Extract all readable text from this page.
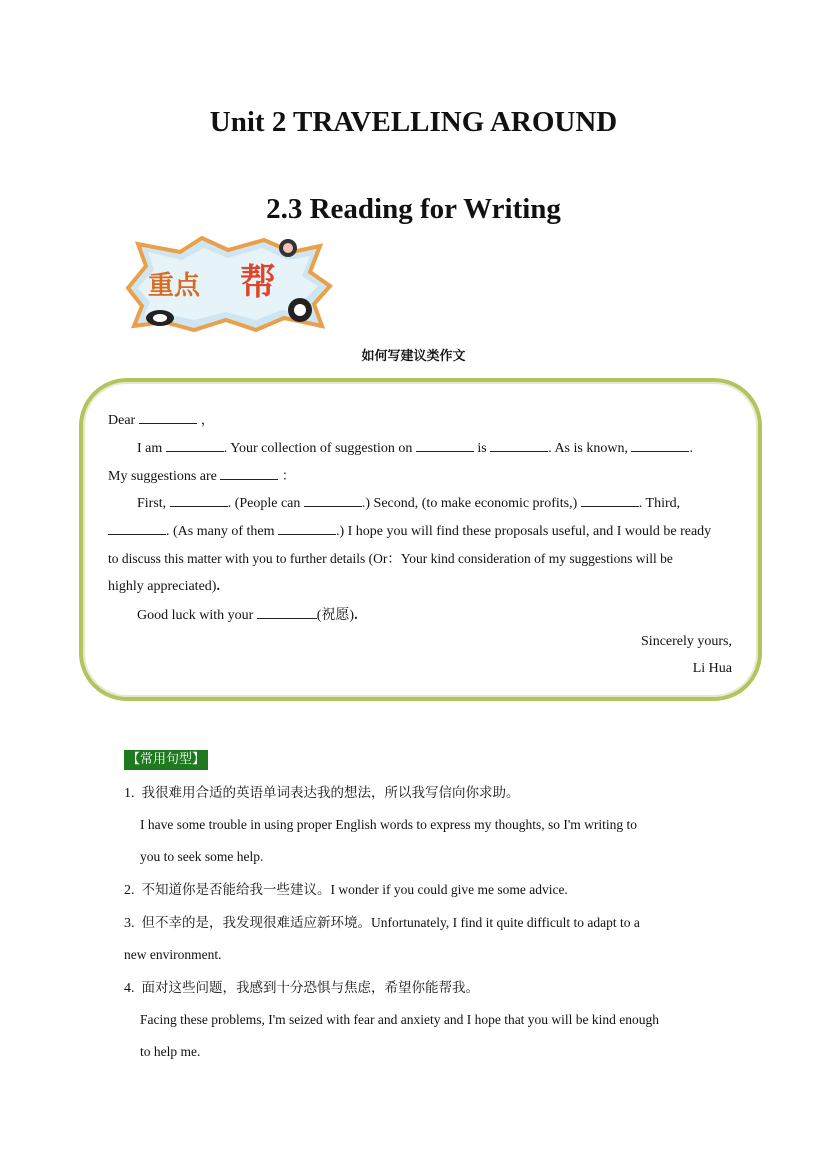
Unit 2 TRAVELLING AROUND
2.3 Reading for Writing
重点 帮
如何写建议类作文
Dear	，
I am	. Your collection of suggestion on	is	. As is known,	.
My suggestions are	：
First,	. (People can	.) Second, (to make economic profits,)	. Third,
. (As many of them	.) I hope you will find these proposals useful, and I would be ready
to discuss this matter with you to further details (Or：Your kind consideration of my suggestions will be
highly appreciated).
Good luck with your	(祝愿).
Sincerely yours,
Li Hua
【常用句型】
1. 我很难用合适的英语单词表达我的想法，所以我写信向你求助。
I have some trouble in using proper English words to express my thoughts, so I'm writing to
you to seek some help.
2. 不知道你是否能给我一些建议。I wonder if you could give me some advice.
3. 但不幸的是，我发现很难适应新环境。Unfortunately, I find it quite difficult to adapt to a
new environment.
4. 面对这些问题，我感到十分恐惧与焦虑，希望你能帮我。
Facing these problems, I'm seized with fear and anxiety and I hope that you will be kind enough
to help me.
